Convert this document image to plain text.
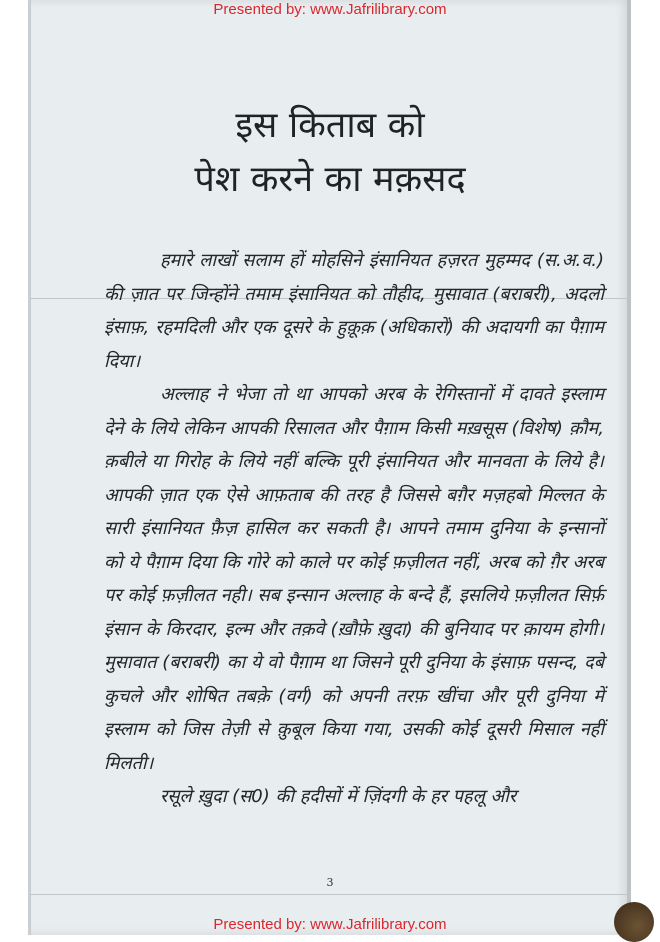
Presented by: www.Jafrilibrary.com
इस किताब को
पेश करने का मक़सद

हमारे लाखों सलाम हों मोहसिने इंसानियत हज़रत मुहम्मद (स.अ.व.) की ज़ात पर जिन्होंने तमाम इंसानियत को तौहीद, मुसावात (बराबरी), अदलो इंसाफ़, रहमदिली और एक दूसरे के हुक़ूक़ (अधिकारों) की अदायगी का पैग़ाम दिया।

अल्लाह ने भेजा तो था आपको अरब के रेगिस्तानों में दावते इस्लाम देने के लिये लेकिन आपकी रिसालत और पैग़ाम किसी मख़सूस (विशेष) क़ौम, क़बीले या गिरोह के लिये नहीं बल्कि पूरी इंसानियत और मानवता के लिये है। आपकी ज़ात एक ऐसे आफ़ताब की तरह है जिससे बग़ैर मज़हबो मिल्लत के सारी इंसानियत फ़ैज़ हासिल कर सकती है। आपने तमाम दुनिया के इन्सानों को ये पैग़ाम दिया कि गोरे को काले पर कोई फ़ज़ीलत नहीं, अरब को ग़ैर अरब पर कोई फ़ज़ीलत नही। सब इन्सान अल्लाह के बन्दे हैं, इसलिये फ़ज़ीलत सिर्फ़ इंसान के किरदार, इल्म और तक़वे (ख़ौफ़े ख़ुदा) की बुनियाद पर क़ायम होगी। मुसावात (बराबरी) का ये वो पैग़ाम था जिसने पूरी दुनिया के इंसाफ़ पसन्द, दबे कुचले और शोषित तबक़े (वर्ग) को अपनी तरफ़ खींचा और पूरी दुनिया में इस्लाम को जिस तेज़ी से क़ुबूल किया गया, उसकी कोई दूसरी मिसाल नहीं मिलती।

रसूले ख़ुदा (स0) की हदीसों में ज़िंदगी के हर पहलू और

3
Presented by: www.Jafrilibrary.com
